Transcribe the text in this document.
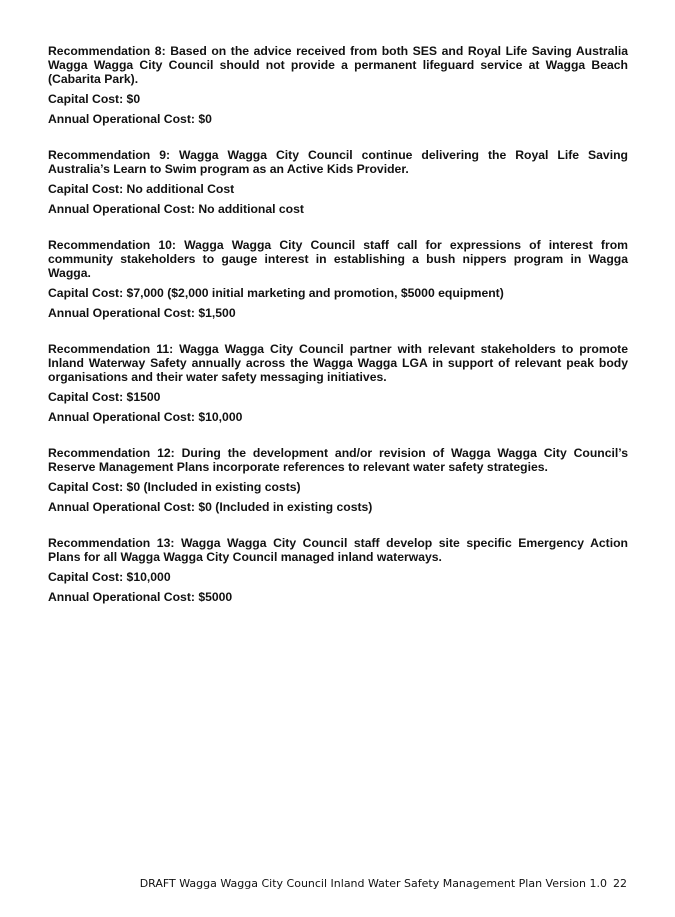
Recommendation 8: Based on the advice received from both SES and Royal Life Saving Australia Wagga Wagga City Council should not provide a permanent lifeguard service at Wagga Beach (Cabarita Park).

Capital Cost: $0

Annual Operational Cost: $0

Recommendation 9: Wagga Wagga City Council continue delivering the Royal Life Saving Australia’s Learn to Swim program as an Active Kids Provider.

Capital Cost: No additional Cost

Annual Operational Cost: No additional cost

Recommendation 10: Wagga Wagga City Council staff call for expressions of interest from community stakeholders to gauge interest in establishing a bush nippers program in Wagga Wagga.

Capital Cost: $7,000 ($2,000 initial marketing and promotion, $5000 equipment)

Annual Operational Cost: $1,500

Recommendation 11: Wagga Wagga City Council partner with relevant stakeholders to promote Inland Waterway Safety annually across the Wagga Wagga LGA in support of relevant peak body organisations and their water safety messaging initiatives.

Capital Cost: $1500

Annual Operational Cost: $10,000

Recommendation 12: During the development and/or revision of Wagga Wagga City Council’s Reserve Management Plans incorporate references to relevant water safety strategies.

Capital Cost: $0 (Included in existing costs)

Annual Operational Cost: $0 (Included in existing costs)

Recommendation 13: Wagga Wagga City Council staff develop site specific Emergency Action Plans for all Wagga Wagga City Council managed inland waterways.

Capital Cost: $10,000

Annual Operational Cost: $5000

DRAFT Wagga Wagga City Council Inland Water Safety Management Plan Version 1.0 22
